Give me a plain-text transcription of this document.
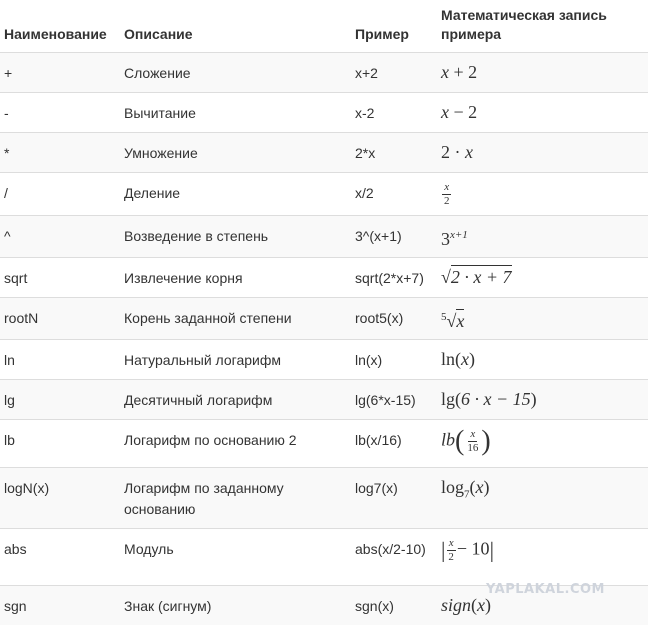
Наименование	Описание	Пример	Математическая запись примера
+	Сложение	x+2	x + 2
-	Вычитание	x-2	x − 2
*	Умножение	2*x	2 · x
/	Деление	x/2	$\frac{x}{2}$

^	Возведение в степень	3^(x+1)	$3^{x+1}$
sqrt	Извлечение корня	sqrt(2*x+7)	√2 · x + 7
rootN	Корень заданной степени	root5(x)	$^5$√x
ln	Натуральный логарифм	ln(x)	ln(x)
lg	Десятичный логарифм	lg(6*x-15)	lg(6 · x − 15)
lb	Логарифм по основанию 2	lb(x/16)	$lb( \frac{x}{16}$ )
logN(x)	Логарифм по заданному основанию	log7(x)	$\log_7(x)$
abs	Модуль	abs(x/2-10)	| $\frac{x}{2} - 10|$
sgn	Знак (сигнум)	sgn(x)	sign(x)
YAPLAKAL.COM
